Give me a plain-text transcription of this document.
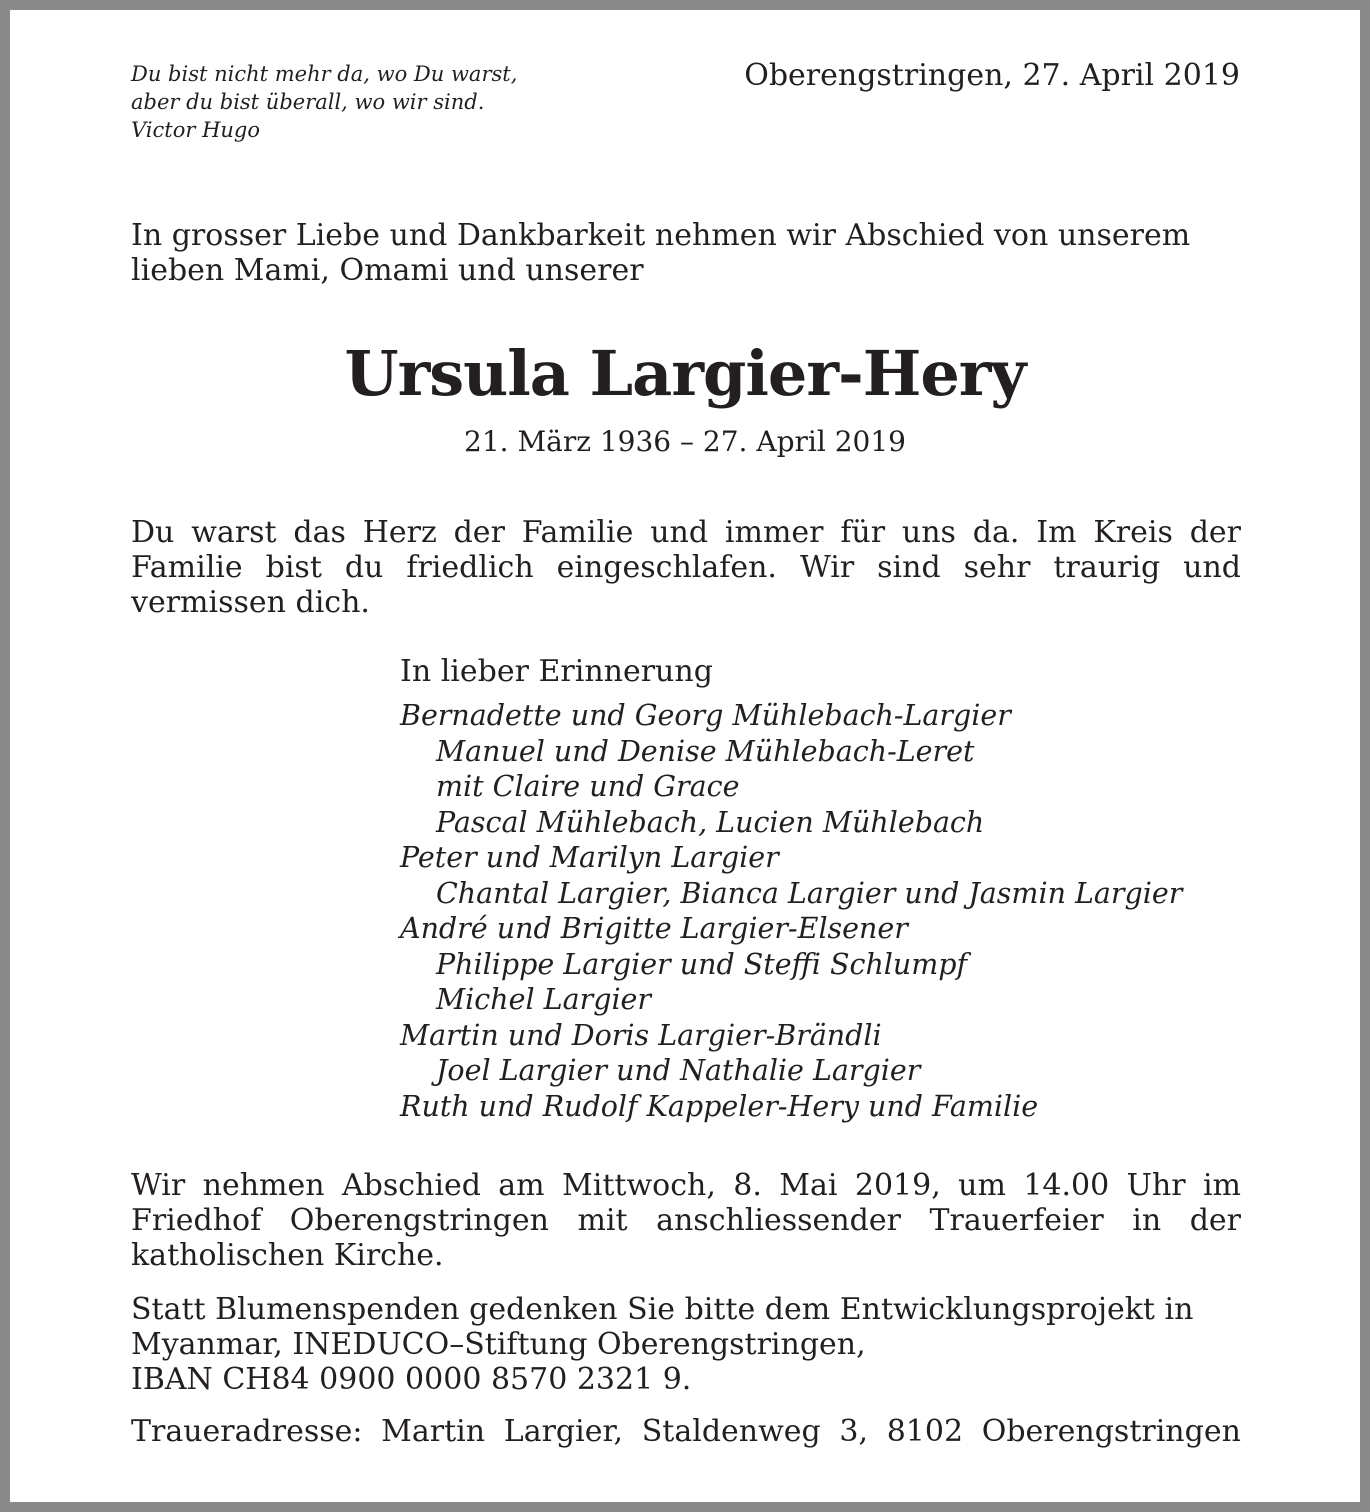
Du bist nicht mehr da, wo Du warst,
aber du bist überall, wo wir sind.
Victor Hugo
Oberengstringen, 27. April 2019
In grosser Liebe und Dankbarkeit nehmen wir Abschied von unserem
lieben Mami, Omami und unserer
Ursula Largier-Hery
21. März 1936 – 27. April 2019

Du warst das Herz der Familie und immer für uns da. Im Kreis der Familie bist du friedlich eingeschlafen. Wir sind sehr traurig und vermissen dich.

In lieber Erinnerung
Bernadette und Georg Mühlebach-Largier
Manuel und Denise Mühlebach-Leret
mit Claire und Grace
Pascal Mühlebach, Lucien Mühlebach
Peter und Marilyn Largier
Chantal Largier, Bianca Largier und Jasmin Largier
André und Brigitte Largier-Elsener
Philippe Largier und Steffi Schlumpf
Michel Largier
Martin und Doris Largier-Brändli
Joel Largier und Nathalie Largier
Ruth und Rudolf Kappeler-Hery und Familie

Wir nehmen Abschied am Mittwoch, 8. Mai 2019, um 14.00 Uhr im Friedhof Oberengstringen mit anschliessender Trauerfeier in der katholischen Kirche.

Statt Blumenspenden gedenken Sie bitte dem Entwicklungsprojekt in
Myanmar, INEDUCO–Stiftung Oberengstringen,
IBAN CH84 0900 0000 8570 2321 9.
Traueradresse: Martin Largier, Staldenweg 3, 8102 Oberengstringen
